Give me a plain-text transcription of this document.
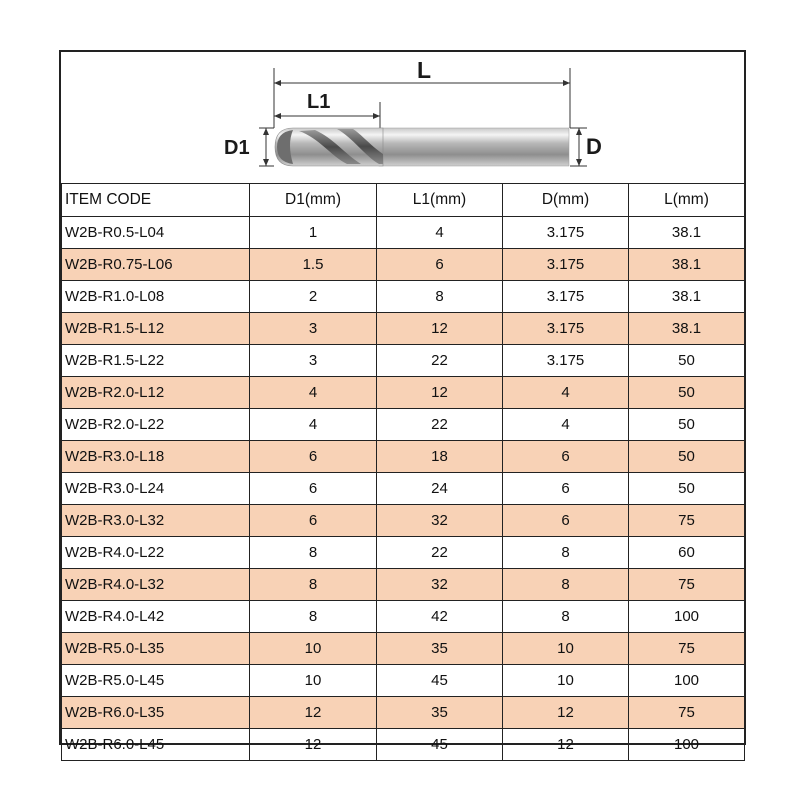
L
L1
D1	D
ITEM CODE	D1(mm)	L1(mm)	D(mm)	L(mm)
W2B-R0.5-L04	1	4	3.175	38.1
W2B-R0.75-L06	1.5	6	3.175	38.1
W2B-R1.0-L08	2	8	3.175	38.1
W2B-R1.5-L12	3	12	3.175	38.1
W2B-R1.5-L22	3	22	3.175	50
W2B-R2.0-L12	4	12	4	50
W2B-R2.0-L22	4	22	4	50
W2B-R3.0-L18	6	18	6	50
W2B-R3.0-L24	6	24	6	50
W2B-R3.0-L32	6	32	6	75
W2B-R4.0-L22	8	22	8	60
W2B-R4.0-L32	8	32	8	75
W2B-R4.0-L42	8	42	8	100
W2B-R5.0-L35	10	35	10	75
W2B-R5.0-L45	10	45	10	100
W2B-R6.0-L35	12	35	12	75
W2B-R6.0-L45	12	45	12	100
